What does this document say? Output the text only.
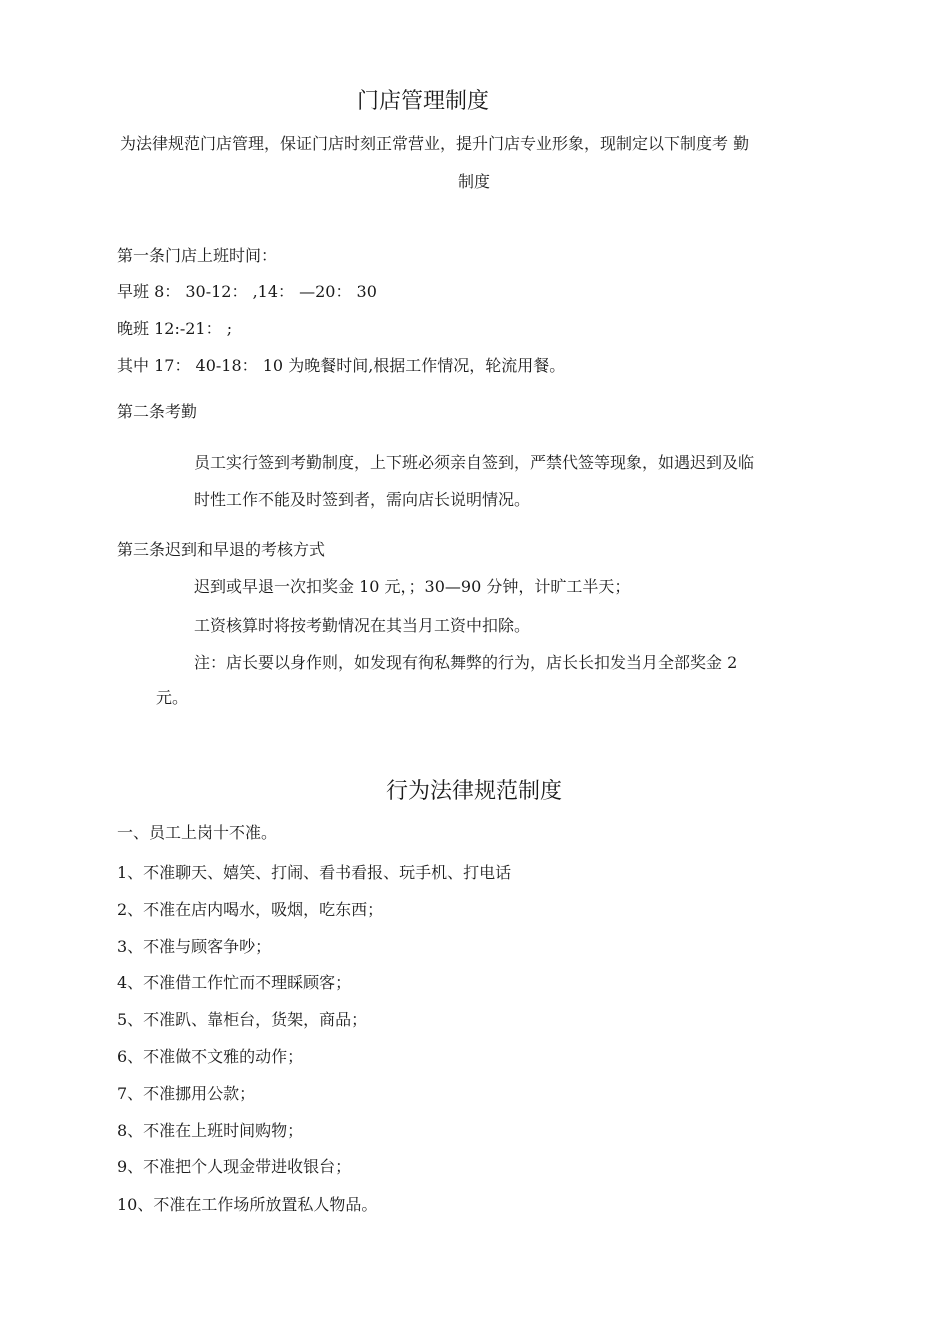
门店管理制度
为法律规范门店管理，保证门店时刻正常营业，提升门店专业形象，现制定以下制度考 勤
制度
第一条门店上班时间：
早班 8： 30-12： ,14： —20： 30
晚班 12:-21： ;
其中 17： 40-18： 10 为晚餐时间,根据工作情况，轮流用餐。
第二条考勤
员工实行签到考勤制度，上下班必须亲自签到，严禁代签等现象，如遇迟到及临
时性工作不能及时签到者，需向店长说明情况。
第三条迟到和早退的考核方式
迟到或早退一次扣奖金 10 元，；30—90 分钟，计旷工半天；
工资核算时将按考勤情况在其当月工资中扣除。
注：店长要以身作则，如发现有徇私舞弊的行为，店长长扣发当月全部奖金 2
元。
行为法律规范制度
一、员工上岗十不准。
1、不准聊天、嬉笑、打闹、看书看报、玩手机、打电话
2、不准在店内喝水，吸烟，吃东西；
3、不准与顾客争吵；
4、不准借工作忙而不理睬顾客；
5、不准趴、靠柜台，货架，商品；
6、不准做不文雅的动作；
7、不准挪用公款；
8、不准在上班时间购物；
9、不准把个人现金带进收银台；
10、不准在工作场所放置私人物品。
